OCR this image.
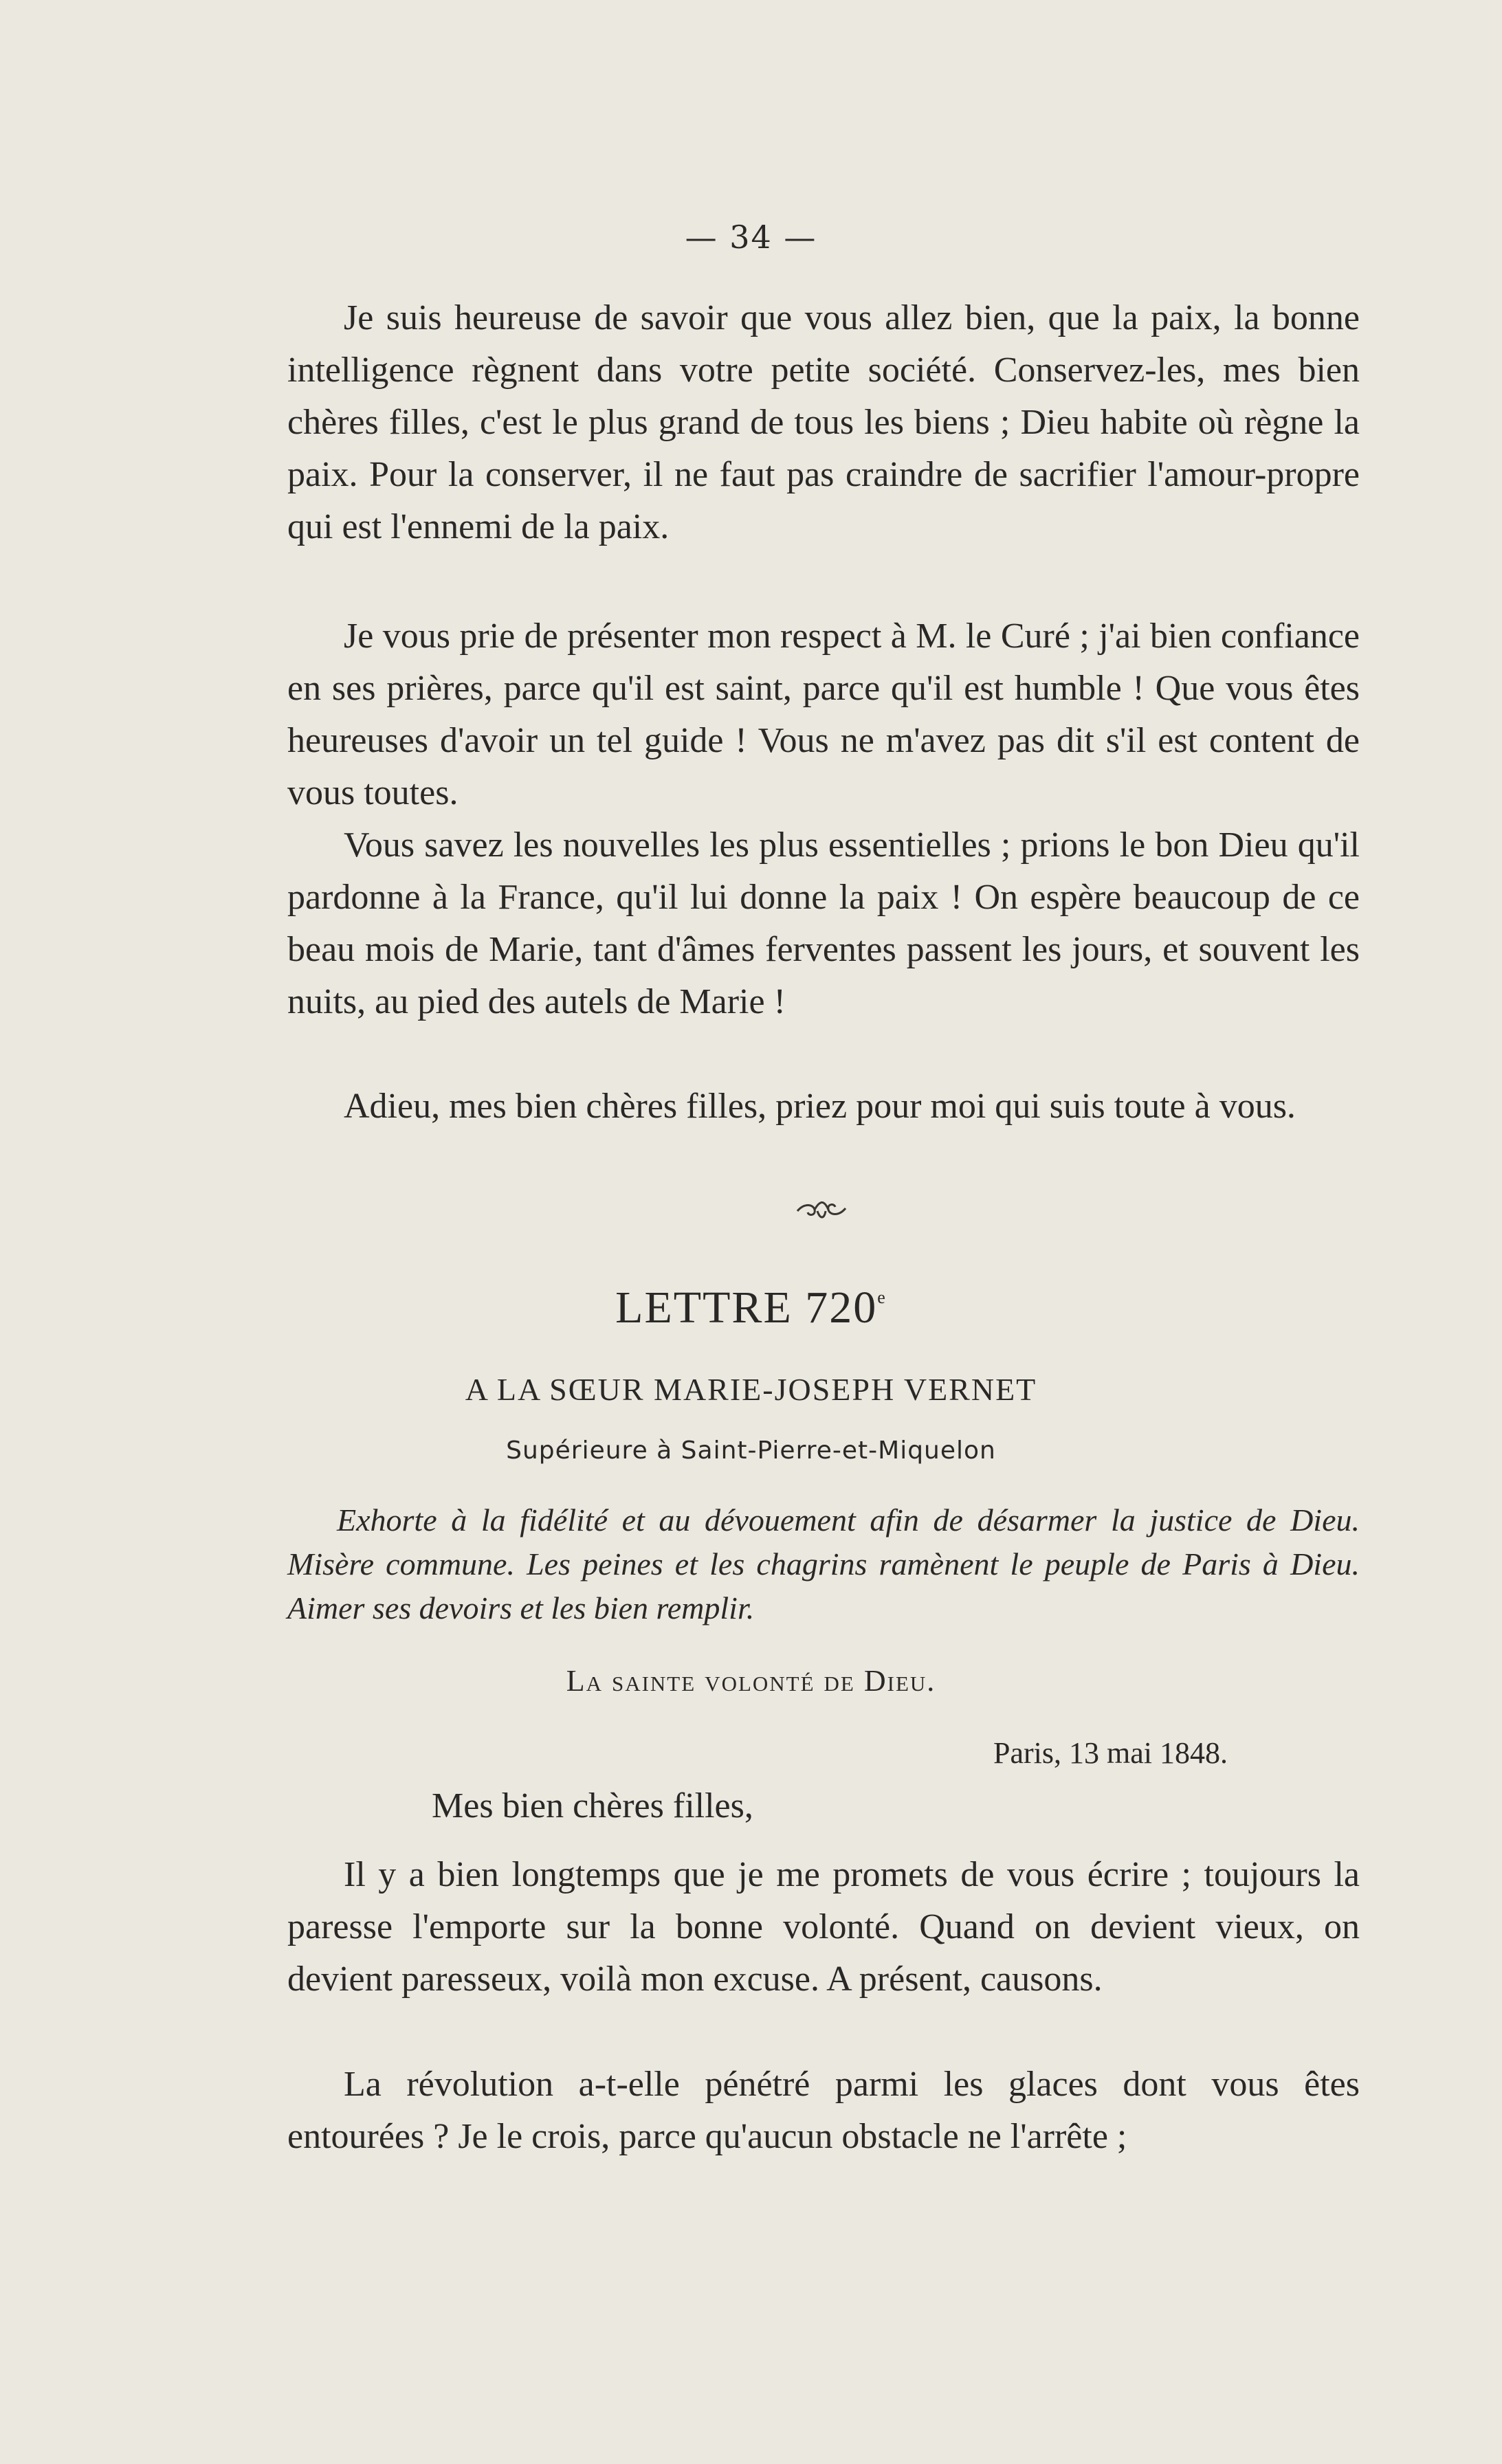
— 34 —

Je suis heureuse de savoir que vous allez bien, que la paix, la bonne intelligence règnent dans votre petite société. Conservez-les, mes bien chères filles, c'est le plus grand de tous les biens ; Dieu habite où règne la paix. Pour la conserver, il ne faut pas craindre de sacrifier l'amour-propre qui est l'ennemi de la paix.

Je vous prie de présenter mon respect à M. le Curé ; j'ai bien confiance en ses prières, parce qu'il est saint, parce qu'il est humble ! Que vous êtes heureuses d'avoir un tel guide ! Vous ne m'avez pas dit s'il est content de vous toutes.

Vous savez les nouvelles les plus essentielles ; prions le bon Dieu qu'il pardonne à la France, qu'il lui donne la paix ! On espère beaucoup de ce beau mois de Marie, tant d'âmes ferventes passent les jours, et souvent les nuits, au pied des autels de Marie !

Adieu, mes bien chères filles, priez pour moi qui suis toute à vous.

LETTRE 720e
A LA SŒUR MARIE-JOSEPH VERNET
Supérieure à Saint-Pierre-et-Miquelon

Exhorte à la fidélité et au dévouement afin de désarmer la justice de Dieu. Misère commune. Les peines et les chagrins ramènent le peuple de Paris à Dieu. Aimer ses devoirs et les bien remplir.

La sainte volonté de Dieu.
Paris, 13 mai 1848.
Mes bien chères filles,

Il y a bien longtemps que je me promets de vous écrire ; toujours la paresse l'emporte sur la bonne volonté. Quand on devient vieux, on devient paresseux, voilà mon excuse. A présent, causons.

La révolution a-t-elle pénétré parmi les glaces dont vous êtes entourées ? Je le crois, parce qu'aucun obstacle ne l'arrête ;
